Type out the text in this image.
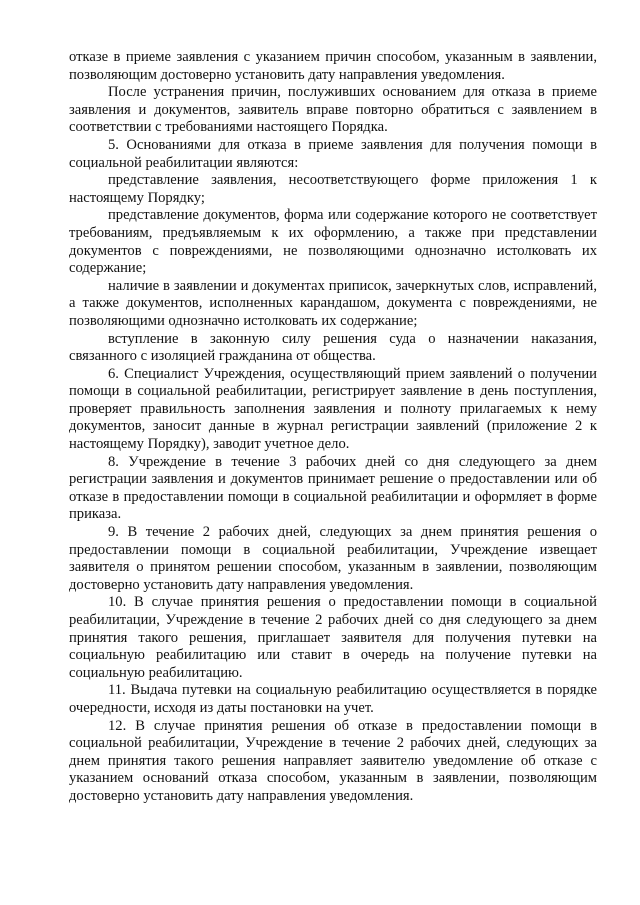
отказе в приеме заявления с указанием причин способом, указанным в заявлении, позволяющим достоверно установить дату направления уведомления.

После устранения причин, послуживших основанием для отказа в приеме заявления и документов, заявитель вправе повторно обратиться с заявлением в соответствии с требованиями настоящего Порядка.

5. Основаниями для отказа в приеме заявления для получения помощи в социальной реабилитации являются:

представление заявления, несоответствующего форме приложения 1 к настоящему Порядку;

представление документов, форма или содержание которого не соответствует требованиям, предъявляемым к их оформлению, а также при представлении документов с повреждениями, не позволяющими однозначно истолковать их содержание;

наличие в заявлении и документах приписок, зачеркнутых слов, исправлений, а также документов, исполненных карандашом, документа с повреждениями, не позволяющими однозначно истолковать их содержание;

вступление в законную силу решения суда о назначении наказания, связанного с изоляцией гражданина от общества.

6. Специалист Учреждения, осуществляющий прием заявлений о получении помощи в социальной реабилитации, регистрирует заявление в день поступления, проверяет правильность заполнения заявления и полноту прилагаемых к нему документов, заносит данные в журнал регистрации заявлений (приложение 2 к настоящему Порядку), заводит учетное дело.

8. Учреждение в течение 3 рабочих дней со дня следующего за днем регистрации заявления и документов принимает решение о предоставлении или об отказе в предоставлении помощи в социальной реабилитации и оформляет в форме приказа.

9. В течение 2 рабочих дней, следующих за днем принятия решения о предоставлении помощи в социальной реабилитации, Учреждение извещает заявителя о принятом решении способом, указанным в заявлении, позволяющим достоверно установить дату направления уведомления.

10. В случае принятия решения о предоставлении помощи в социальной реабилитации, Учреждение в течение 2 рабочих дней со дня следующего за днем принятия такого решения, приглашает заявителя для получения путевки на социальную реабилитацию или ставит в очередь на получение путевки на социальную реабилитацию.

11. Выдача путевки на социальную реабилитацию осуществляется в порядке очередности, исходя из даты постановки на учет.

12. В случае принятия решения об отказе в предоставлении помощи в социальной реабилитации, Учреждение в течение 2 рабочих дней, следующих за днем принятия такого решения направляет заявителю уведомление об отказе с указанием оснований отказа способом, указанным в заявлении, позволяющим достоверно установить дату направления уведомления.
